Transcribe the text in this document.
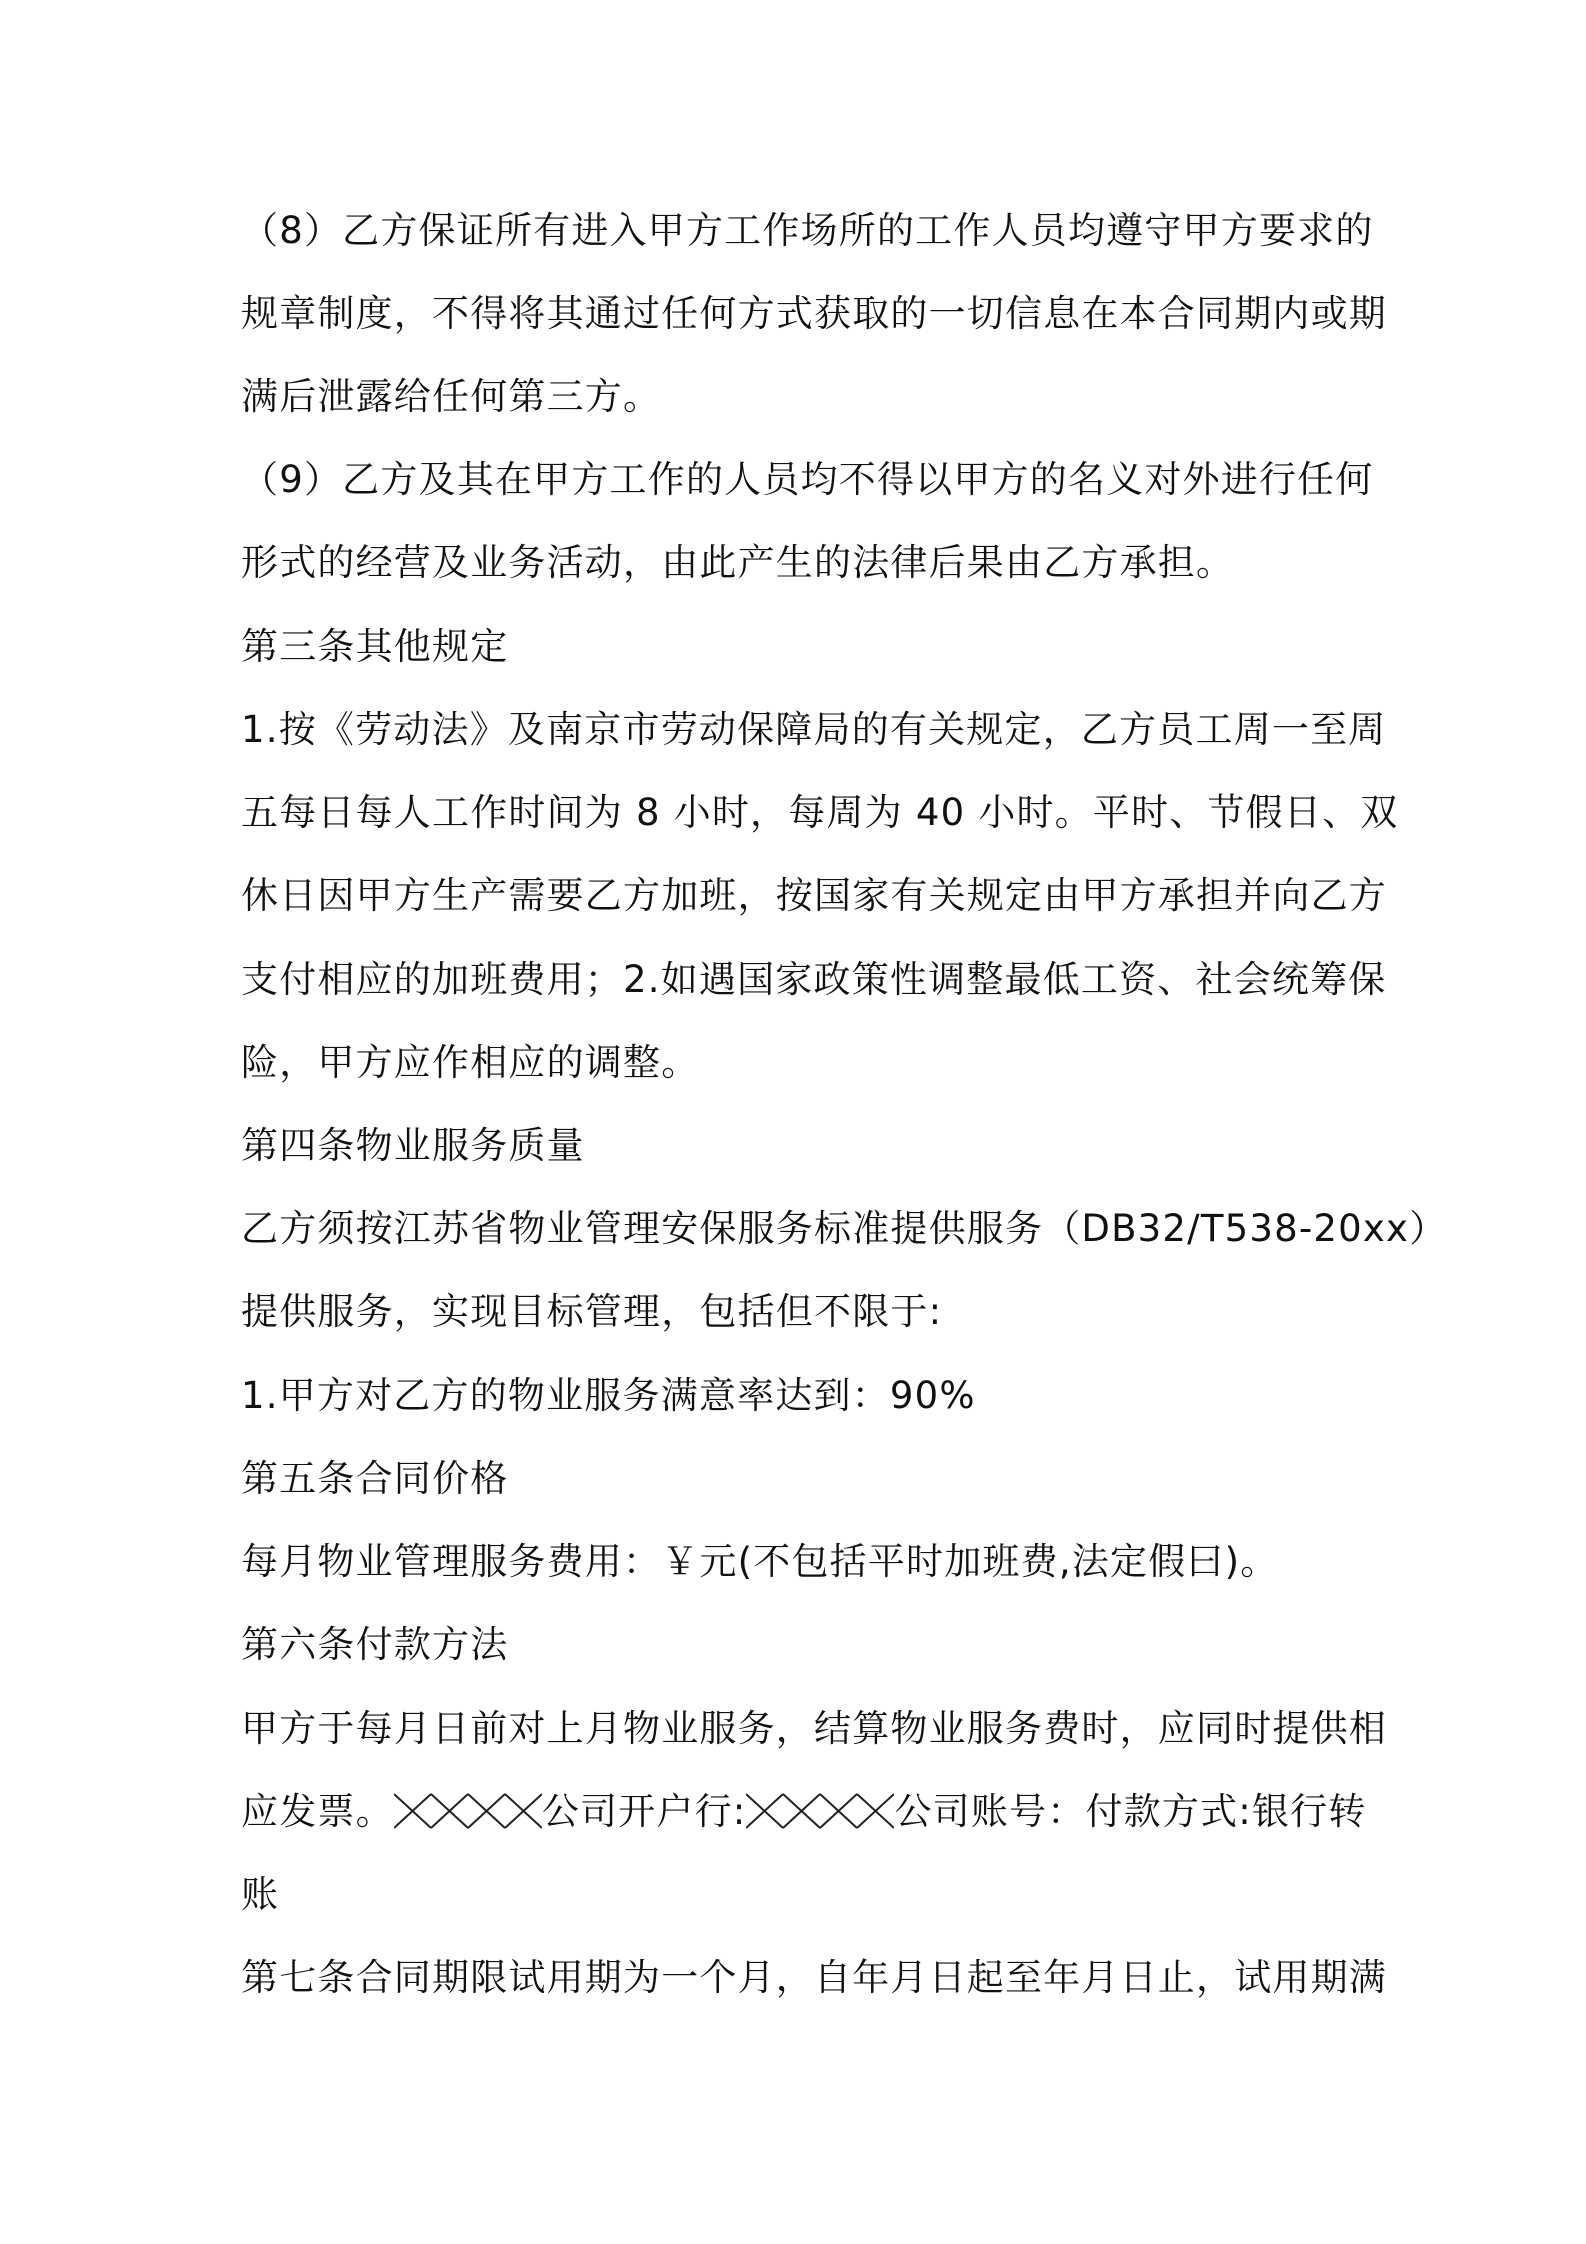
（8）乙方保证所有进入甲方工作场所的工作人员均遵守甲方要求的
规章制度，不得将其通过任何方式获取的一切信息在本合同期内或期
满后泄露给任何第三方。
（9）乙方及其在甲方工作的人员均不得以甲方的名义对外进行任何
形式的经营及业务活动，由此产生的法律后果由乙方承担。
第三条其他规定
1.按《劳动法》及南京市劳动保障局的有关规定，乙方员工周一至周
五每日每人工作时间为 8 小时，每周为 40 小时。平时、节假日、双
休日因甲方生产需要乙方加班，按国家有关规定由甲方承担并向乙方
支付相应的加班费用；2.如遇国家政策性调整最低工资、社会统筹保
险，甲方应作相应的调整。
第四条物业服务质量
乙方须按江苏省物业管理安保服务标准提供服务（DB32/T538-20xx）
提供服务，实现目标管理，包括但不限于:
1.甲方对乙方的物业服务满意率达到：90%
第五条合同价格
每月物业管理服务费用：￥元(不包括平时加班费,法定假曰)。
第六条付款方法
甲方于每月日前对上月物业服务，结算物业服务费时，应同时提供相
应发票。	公司开户行:	公司账号：付款方式:银行转
账
第七条合同期限试用期为一个月，自年月日起至年月日止，试用期满
